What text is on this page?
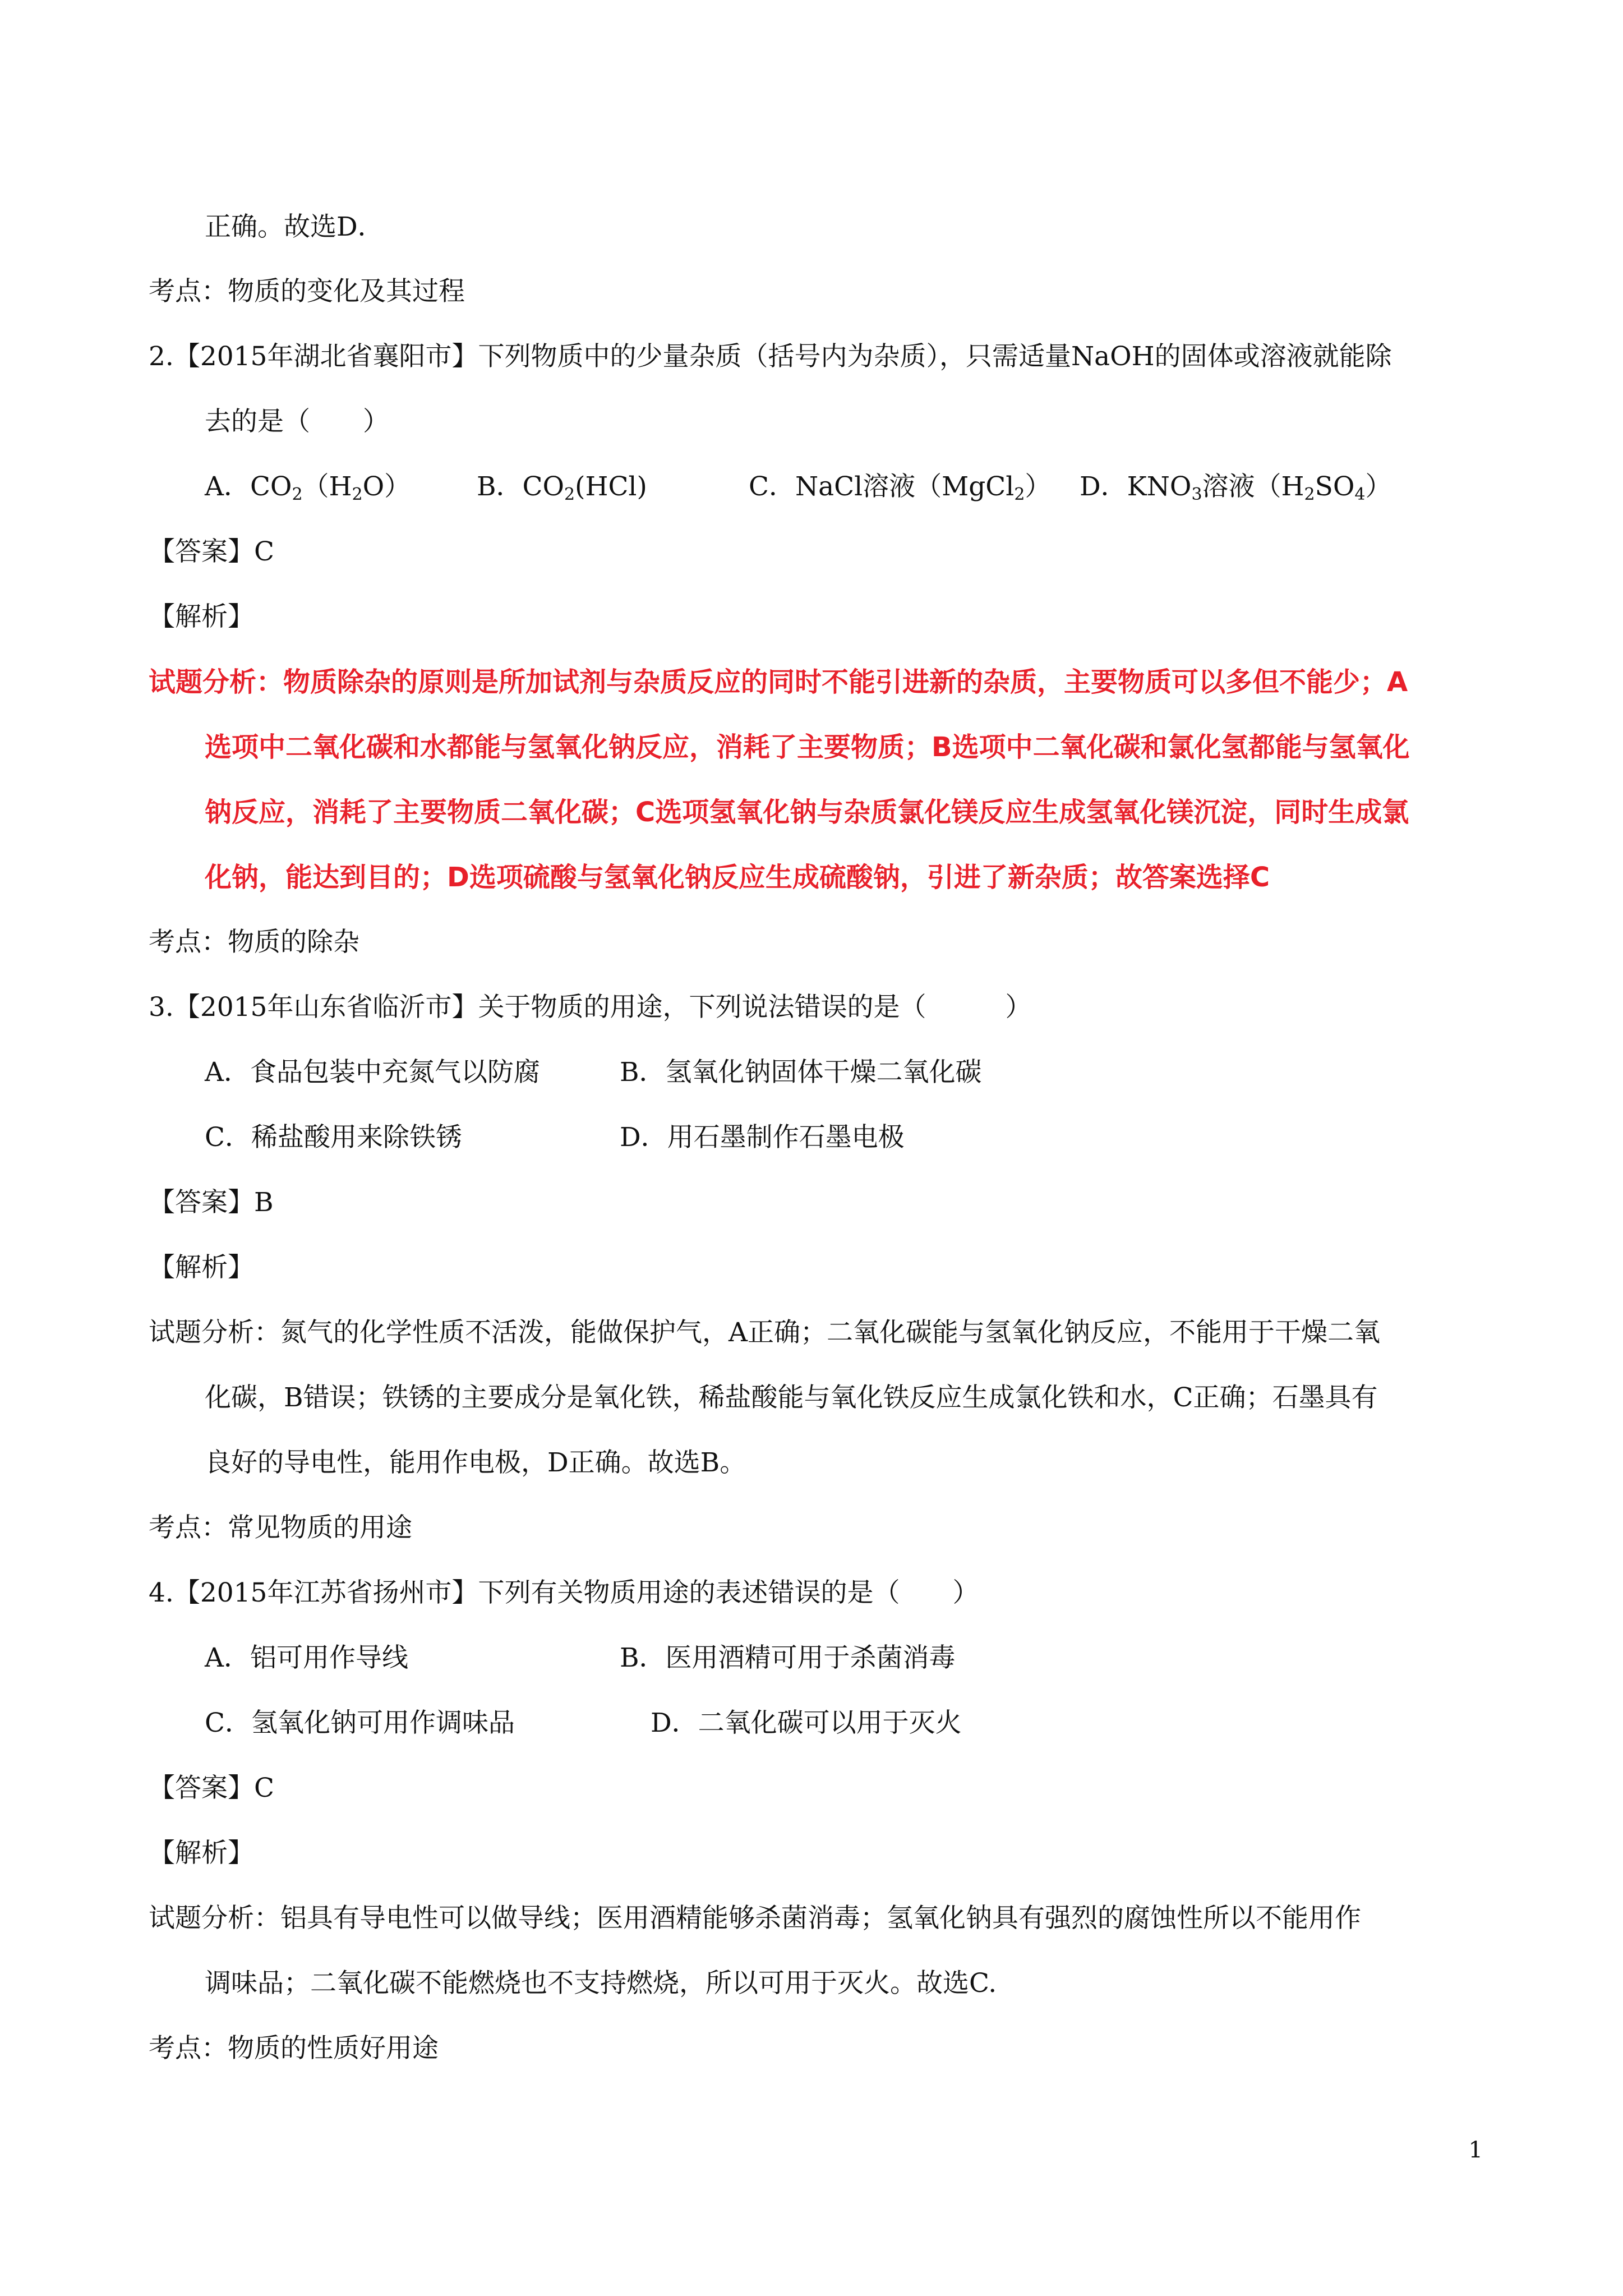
正确。故选D．
考点：物质的变化及其过程
2.【2015年湖北省襄阳市】下列物质中的少量杂质（括号内为杂质），只需适量NaOH的固体或溶液就能除
去的是（　　）
A．$CO_2(H_2O)$	B．$CO_2(HCl)$	C．NaCl溶液（MgCl$_2$） D．$KNO_3$溶液$(H_2SO_4)$
【答案】C
【解析】
试题分析：物质除杂的原则是所加试剂与杂质反应的同时不能引进新的杂质，主要物质可以多但不能少；A
选项中二氧化碳和水都能与氢氧化钠反应，消耗了主要物质；B选项中二氧化碳和氯化氢都能与氢氧化
钠反应，消耗了主要物质二氧化碳；C选项氢氧化钠与杂质氯化镁反应生成氢氧化镁沉淀，同时生成氯
化钠，能达到目的；D选项硫酸与氢氧化钠反应生成硫酸钠，引进了新杂质；故答案选择C
考点：物质的除杂
3.【2015年山东省临沂市】关于物质的用途，下列说法错误的是（　　　）
A．食品包装中充氮气以防腐	B．氢氧化钠固体干燥二氧化碳
C．稀盐酸用来除铁锈	D．用石墨制作石墨电极
【答案】B
【解析】
试题分析：氮气的化学性质不活泼，能做保护气，A正确；二氧化碳能与氢氧化钠反应，不能用于干燥二氧
化碳，B错误；铁锈的主要成分是氧化铁，稀盐酸能与氧化铁反应生成氯化铁和水，C正确；石墨具有
良好的导电性，能用作电极，D正确。故选B。
考点：常见物质的用途
4.【2015年江苏省扬州市】下列有关物质用途的表述错误的是（　　）
A．铝可用作导线	B．医用酒精可用于杀菌消毒
C．氢氧化钠可用作调味品	D．二氧化碳可以用于灭火
【答案】C
【解析】
试题分析：铝具有导电性可以做导线；医用酒精能够杀菌消毒；氢氧化钠具有强烈的腐蚀性所以不能用作
调味品；二氧化碳不能燃烧也不支持燃烧，所以可用于灭火。故选C.
考点：物质的性质好用途
1
